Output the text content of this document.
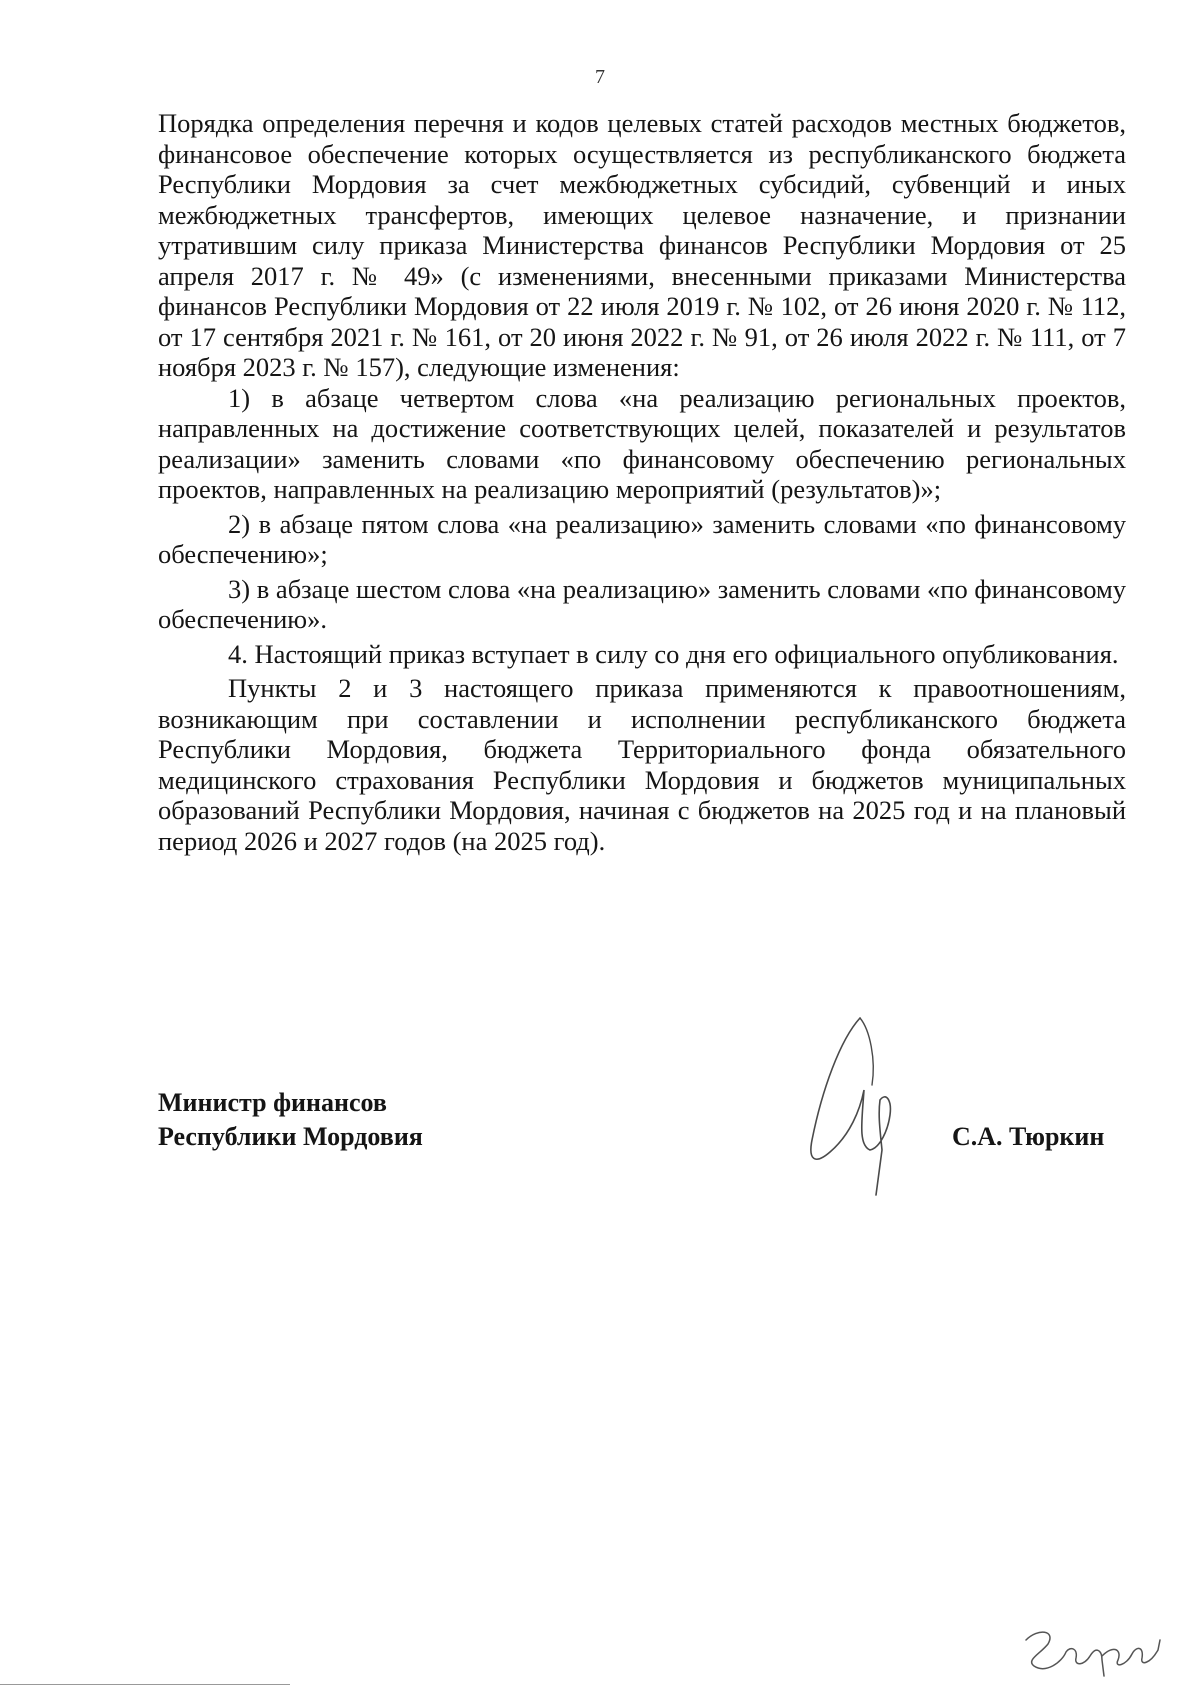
7

Порядка определения перечня и кодов целевых статей расходов местных бюджетов, финансовое обеспечение которых осуществляется из республиканского бюджета Республики Мордовия за счет межбюджетных субсидий, субвенций и иных межбюджетных трансфертов, имеющих целевое назначение, и признании утратившим силу приказа Министерства финансов Республики Мордовия от 25 апреля 2017 г. № 49» (с изменениями, внесенными приказами Министерства финансов Республики Мордовия от 22 июля 2019 г. № 102, от 26 июня 2020 г. № 112, от 17 сентября 2021 г. № 161, от 20 июня 2022 г. № 91, от 26 июля 2022 г. № 111, от 7 ноября 2023 г. № 157), следующие изменения:

1) в абзаце четвертом слова «на реализацию региональных проектов, направленных на достижение соответствующих целей, показателей и результатов реализации» заменить словами «по финансовому обеспечению региональных проектов, направленных на реализацию мероприятий (результатов)»;

2) в абзаце пятом слова «на реализацию» заменить словами «по финансовому обеспечению»;

3) в абзаце шестом слова «на реализацию» заменить словами «по финансовому обеспечению».

4. Настоящий приказ вступает в силу со дня его официального опубликования.

Пункты 2 и 3 настоящего приказа применяются к правоотношениям, возникающим при составлении и исполнении республиканского бюджета Республики Мордовия, бюджета Территориального фонда обязательного медицинского страхования Республики Мордовия и бюджетов муниципальных образований Республики Мордовия, начиная с бюджетов на 2025 год и на плановый период 2026 и 2027 годов (на 2025 год).

Министр финансов
Республики Мордовия	С.А. Тюркин
